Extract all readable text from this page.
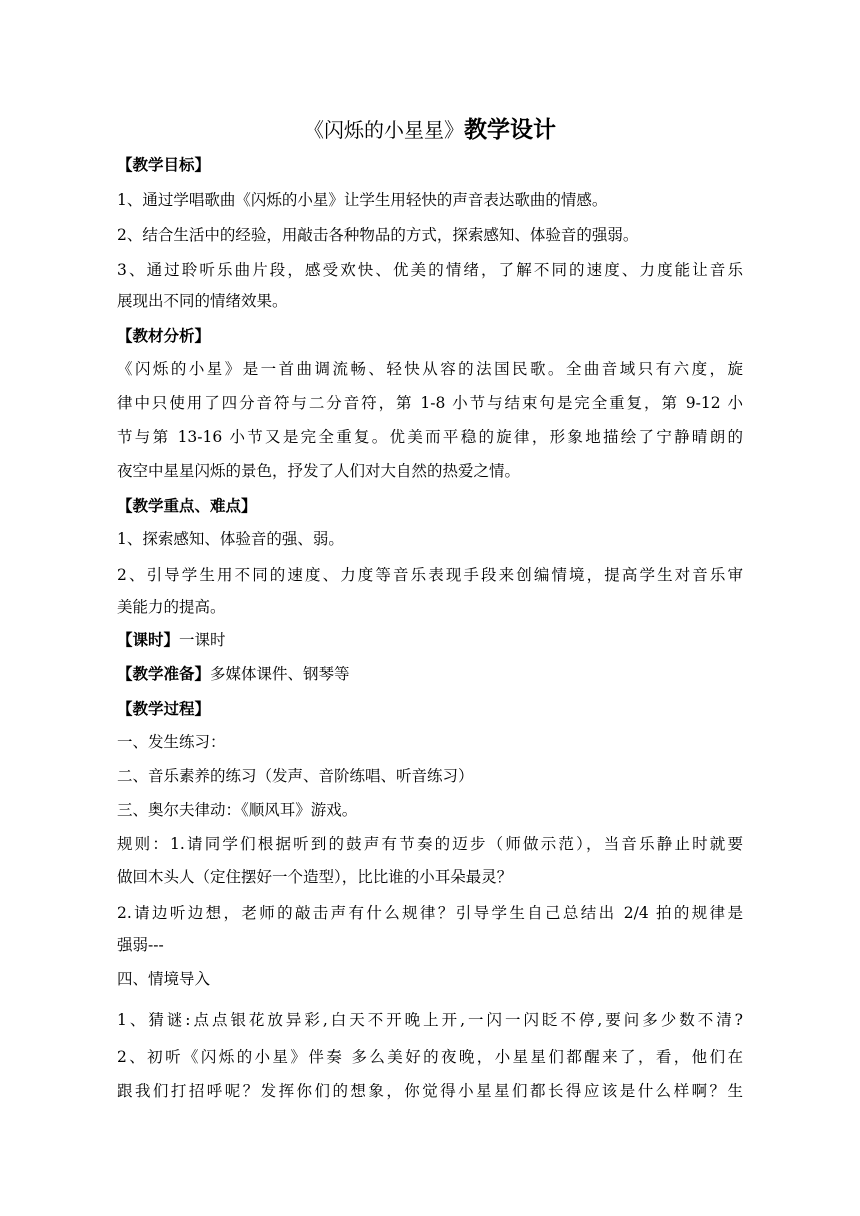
《闪烁的小星星》教学设计
【教学目标】
1、通过学唱歌曲《闪烁的小星》让学生用轻快的声音表达歌曲的情感。
2、结合生活中的经验，用敲击各种物品的方式，探索感知、体验音的强弱。
3、通过聆听乐曲片段，感受欢快、优美的情绪，了解不同的速度、力度能让音乐
展现出不同的情绪效果。
【教材分析】
《闪烁的小星》是一首曲调流畅、轻快从容的法国民歌。全曲音域只有六度，旋
律中只使用了四分音符与二分音符，第 1-8 小节与结束句是完全重复，第 9-12 小
节与第 13-16 小节又是完全重复。优美而平稳的旋律，形象地描绘了宁静晴朗的
夜空中星星闪烁的景色，抒发了人们对大自然的热爱之情。
【教学重点、难点】
1、探索感知、体验音的强、弱。
2、引导学生用不同的速度、力度等音乐表现手段来创编情境，提高学生对音乐审
美能力的提高。
【课时】一课时
【教学准备】多媒体课件、钢琴等
【教学过程】
一、发生练习：
二、音乐素养的练习（发声、音阶练唱、听音练习）
三、奥尔夫律动：《顺风耳》游戏。
规则：1.请同学们根据听到的鼓声有节奏的迈步（师做示范），当音乐静止时就要
做回木头人（定住摆好一个造型），比比谁的小耳朵最灵？
2.请边听边想，老师的敲击声有什么规律？引导学生自己总结出 2/4 拍的规律是
强弱---
四、情境导入
1、猜谜:点点银花放异彩,白天不开晚上开,一闪一闪眨不停,要问多少数不清?
2、初听《闪烁的小星》伴奏 多么美好的夜晚，小星星们都醒来了，看，他们在
跟我们打招呼呢？发挥你们的想象，你觉得小星星们都长得应该是什么样啊？生
